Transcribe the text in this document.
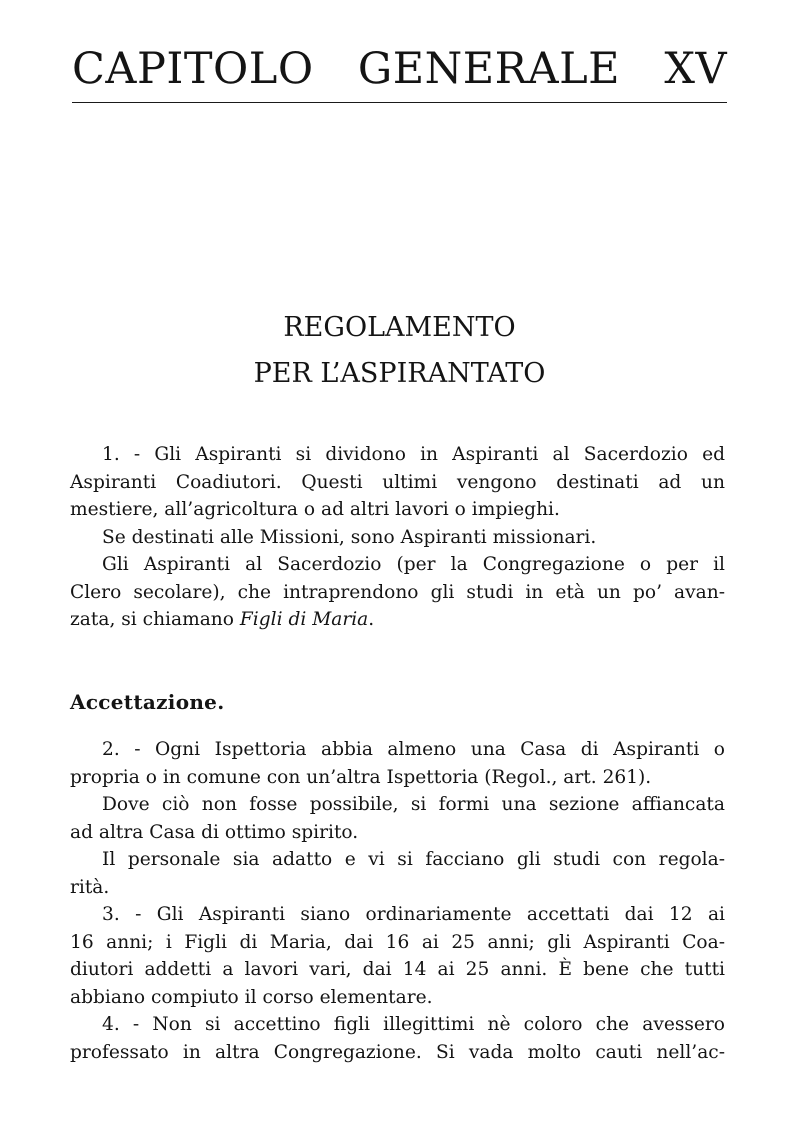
CAPITOLO GENERALE XV
REGOLAMENTO
PER L’ASPIRANTATO
1. - Gli Aspiranti si dividono in Aspiranti al Sacerdozio ed
Aspiranti Coadiutori. Questi ultimi vengono destinati ad un
mestiere, all’agricoltura o ad altri lavori o impieghi.
Se destinati alle Missioni, sono Aspiranti missionari.
Gli Aspiranti al Sacerdozio (per la Congregazione o per il
Clero secolare), che intraprendono gli studi in età un po’ avan-
zata, si chiamano Figli di Maria.
Accettazione.
2. - Ogni Ispettoria abbia almeno una Casa di Aspiranti o
propria o in comune con un’altra Ispettoria (Regol., art. 261).
Dove ciò non fosse possibile, si formi una sezione affiancata
ad altra Casa di ottimo spirito.
Il personale sia adatto e vi si facciano gli studi con regola-
rità.
3. - Gli Aspiranti siano ordinariamente accettati dai 12 ai
16 anni; i Figli di Maria, dai 16 ai 25 anni; gli Aspiranti Coa-
diutori addetti a lavori vari, dai 14 ai 25 anni. È bene che tutti
abbiano compiuto il corso elementare.
4. - Non si accettino figli illegittimi nè coloro che avessero
professato in altra Congregazione. Si vada molto cauti nell’ac-
